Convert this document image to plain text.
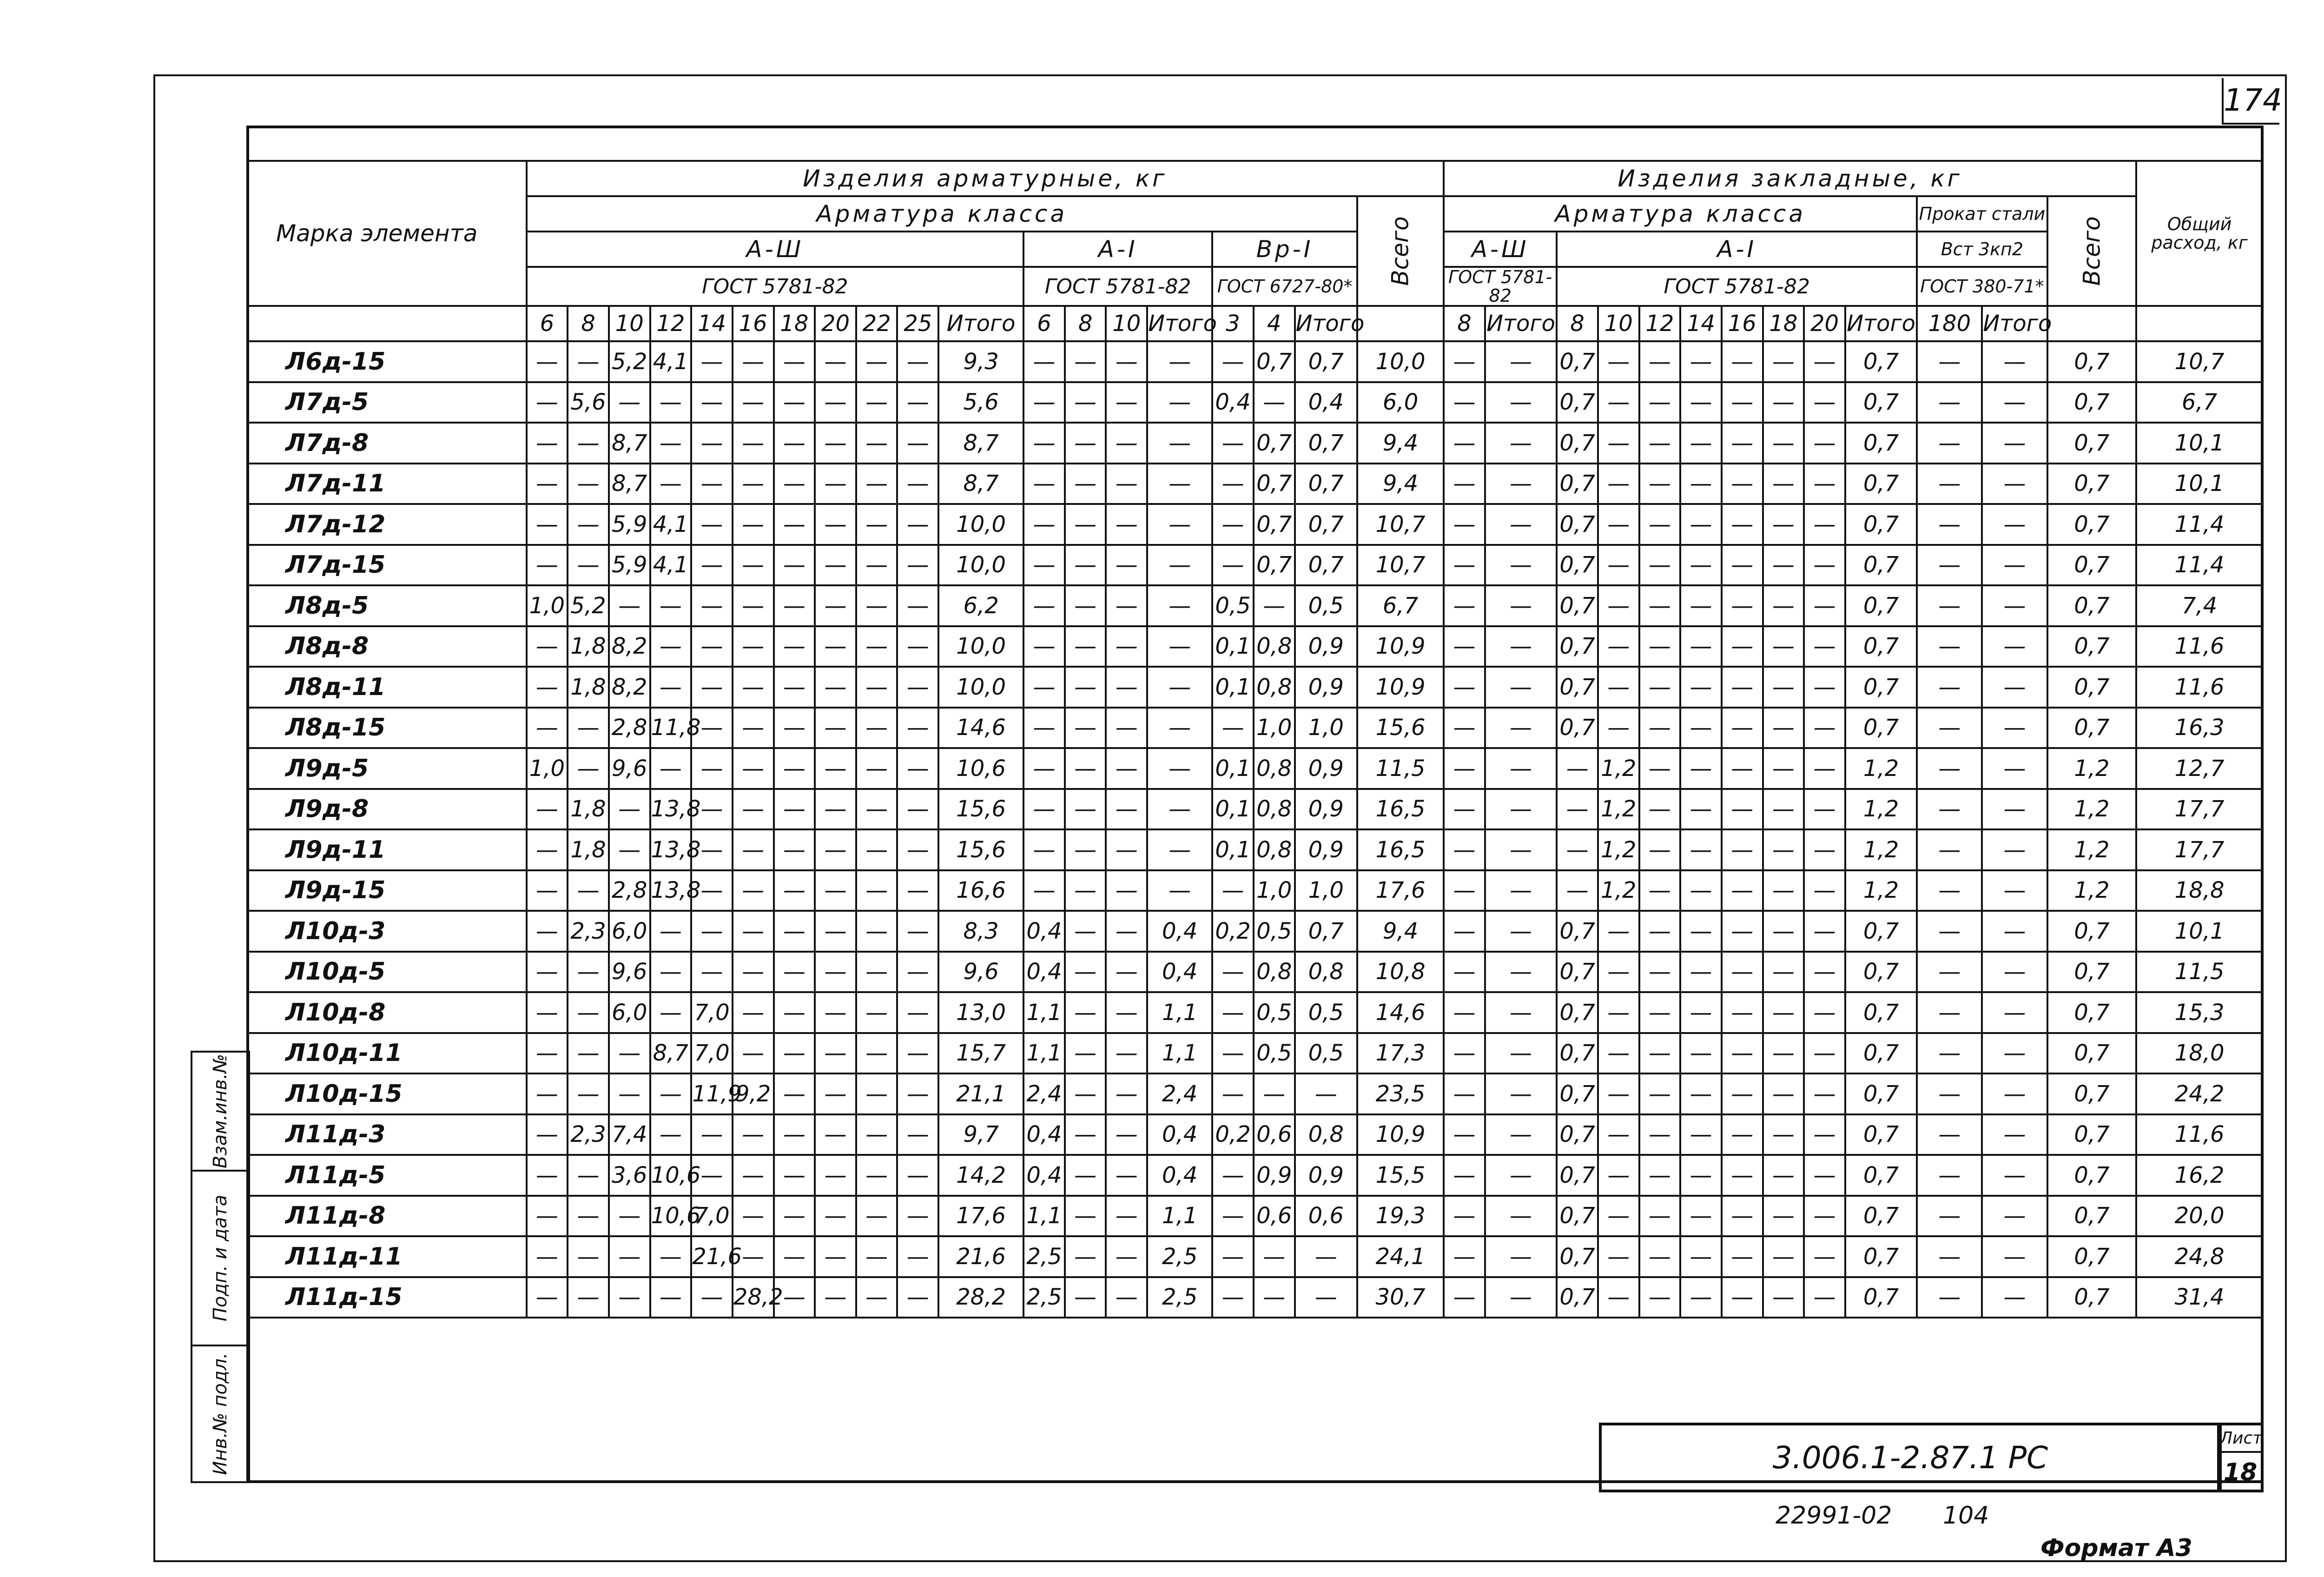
174
Взам.инв.№
Подп. и дата
Инв.№ подл.
Марка элемента	Изделия арматурные, кг																			Изделия закладные, кг													Общий расход, кг
	Арматура класса																		Всего	Арматура класса										Прокат стали		Всего	
	А-Ш											А-I				Вр-I				А-Ш		А-I								Вст 3кп2			
	ГОСТ 5781-82											ГОСТ 5781-82				ГОСТ 6727-80*				ГОСТ 5781-82		ГОСТ 5781-82								ГОСТ 380-71*			
	6	8	10	12	14	16	18	20	22	25	Итого	6	8	10	Итого	3	4	Итого		8	Итого	8	10	12	14	16	18	20	Итого	180	Итого		
Л6д-15	—	—	5,2	4,1	—	—	—	—	—	—	9,3	—	—	—	—	—	0,7	0,7	10,0	—	—	0,7	—	—	—	—	—	—	0,7	—	—	0,7	10,7
Л7д-5	—	5,6	—	—	—	—	—	—	—	—	5,6	—	—	—	—	0,4	—	0,4	6,0	—	—	0,7	—	—	—	—	—	—	0,7	—	—	0,7	6,7
Л7д-8	—	—	8,7	—	—	—	—	—	—	—	8,7	—	—	—	—	—	0,7	0,7	9,4	—	—	0,7	—	—	—	—	—	—	0,7	—	—	0,7	10,1
Л7д-11	—	—	8,7	—	—	—	—	—	—	—	8,7	—	—	—	—	—	0,7	0,7	9,4	—	—	0,7	—	—	—	—	—	—	0,7	—	—	0,7	10,1
Л7д-12	—	—	5,9	4,1	—	—	—	—	—	—	10,0	—	—	—	—	—	0,7	0,7	10,7	—	—	0,7	—	—	—	—	—	—	0,7	—	—	0,7	11,4
Л7д-15	—	—	5,9	4,1	—	—	—	—	—	—	10,0	—	—	—	—	—	0,7	0,7	10,7	—	—	0,7	—	—	—	—	—	—	0,7	—	—	0,7	11,4
Л8д-5	1,0	5,2	—	—	—	—	—	—	—	—	6,2	—	—	—	—	0,5	—	0,5	6,7	—	—	0,7	—	—	—	—	—	—	0,7	—	—	0,7	7,4
Л8д-8	—	1,8	8,2	—	—	—	—	—	—	—	10,0	—	—	—	—	0,1	0,8	0,9	10,9	—	—	0,7	—	—	—	—	—	—	0,7	—	—	0,7	11,6
Л8д-11	—	1,8	8,2	—	—	—	—	—	—	—	10,0	—	—	—	—	0,1	0,8	0,9	10,9	—	—	0,7	—	—	—	—	—	—	0,7	—	—	0,7	11,6
Л8д-15	—	—	2,8	11,8	—	—	—	—	—	—	14,6	—	—	—	—	—	1,0	1,0	15,6	—	—	0,7	—	—	—	—	—	—	0,7	—	—	0,7	16,3
Л9д-5	1,0	—	9,6	—	—	—	—	—	—	—	10,6	—	—	—	—	0,1	0,8	0,9	11,5	—	—	—	1,2	—	—	—	—	—	1,2	—	—	1,2	12,7
Л9д-8	—	1,8	—	13,8	—	—	—	—	—	—	15,6	—	—	—	—	0,1	0,8	0,9	16,5	—	—	—	1,2	—	—	—	—	—	1,2	—	—	1,2	17,7
Л9д-11	—	1,8	—	13,8	—	—	—	—	—	—	15,6	—	—	—	—	0,1	0,8	0,9	16,5	—	—	—	1,2	—	—	—	—	—	1,2	—	—	1,2	17,7
Л9д-15	—	—	2,8	13,8	—	—	—	—	—	—	16,6	—	—	—	—	—	1,0	1,0	17,6	—	—	—	1,2	—	—	—	—	—	1,2	—	—	1,2	18,8
Л10д-3	—	2,3	6,0	—	—	—	—	—	—	—	8,3	0,4	—	—	0,4	0,2	0,5	0,7	9,4	—	—	0,7	—	—	—	—	—	—	0,7	—	—	0,7	10,1
Л10д-5	—	—	9,6	—	—	—	—	—	—	—	9,6	0,4	—	—	0,4	—	0,8	0,8	10,8	—	—	0,7	—	—	—	—	—	—	0,7	—	—	0,7	11,5
Л10д-8	—	—	6,0	—	7,0	—	—	—	—	—	13,0	1,1	—	—	1,1	—	0,5	0,5	14,6	—	—	0,7	—	—	—	—	—	—	0,7	—	—	0,7	15,3
Л10д-11	—	—	—	8,7	7,0	—	—	—	—	—	15,7	1,1	—	—	1,1	—	0,5	0,5	17,3	—	—	0,7	—	—	—	—	—	—	0,7	—	—	0,7	18,0
Л10д-15	—	—	—	—	11,9	9,2	—	—	—	—	21,1	2,4	—	—	2,4	—	—	—	23,5	—	—	0,7	—	—	—	—	—	—	0,7	—	—	0,7	24,2
Л11д-3	—	2,3	7,4	—	—	—	—	—	—	—	9,7	0,4	—	—	0,4	0,2	0,6	0,8	10,9	—	—	0,7	—	—	—	—	—	—	0,7	—	—	0,7	11,6
Л11д-5	—	—	3,6	10,6	—	—	—	—	—	—	14,2	0,4	—	—	0,4	—	0,9	0,9	15,5	—	—	0,7	—	—	—	—	—	—	0,7	—	—	0,7	16,2
Л11д-8	—	—	—	10,6	7,0	—	—	—	—	—	17,6	1,1	—	—	1,1	—	0,6	0,6	19,3	—	—	0,7	—	—	—	—	—	—	0,7	—	—	0,7	20,0
Л11д-11	—	—	—	—	21,6	—	—	—	—	—	21,6	2,5	—	—	2,5	—	—	—	24,1	—	—	0,7	—	—	—	—	—	—	0,7	—	—	0,7	24,8
Л11д-15	—	—	—	—	—	28,2	—	—	—	—	28,2	2,5	—	—	2,5	—	—	—	30,7	—	—	0,7	—	—	—	—	—	—	0,7	—	—	0,7	31,4
3.006.1-2.87.1 РС
Лист
18
22991-02 104
Формат А3
